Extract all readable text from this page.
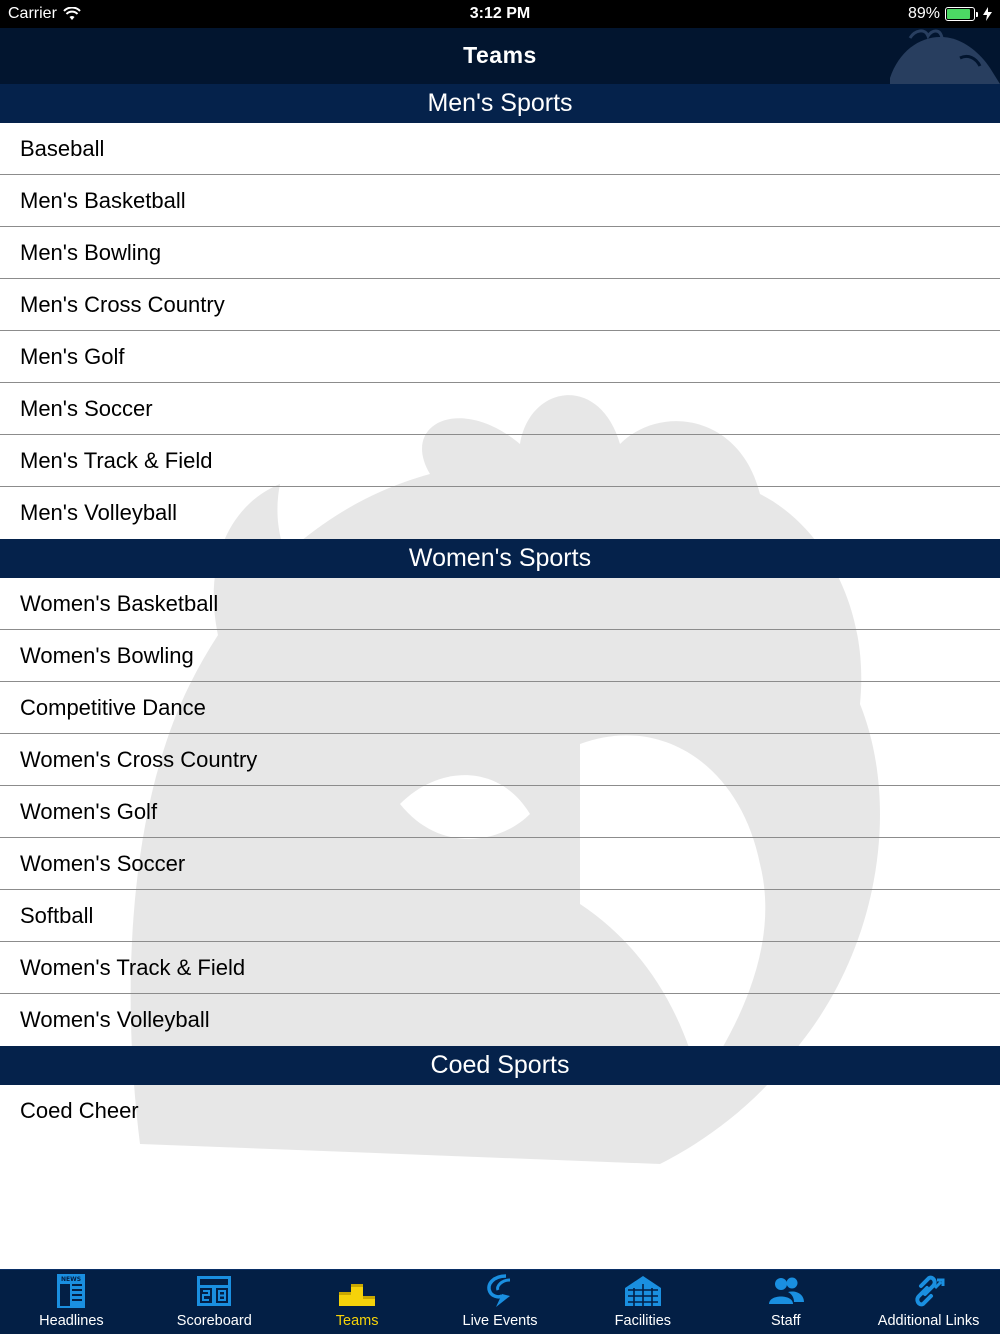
Carrier	3:12 PM	89%
Teams
Men's Sports
Baseball
Men's Basketball
Men's Bowling
Men's Cross Country
Men's Golf
Men's Soccer
Men's Track & Field
Men's Volleyball
Women's Sports
Women's Basketball
Women's Bowling
Competitive Dance
Women's Cross Country
Women's Golf
Women's Soccer
Softball
Women's Track & Field
Women's Volleyball
Coed Sports
Coed Cheer
NEWS
Headlines	Scoreboard	Teams	Live Events	Facilities	Staff	Additional Links
